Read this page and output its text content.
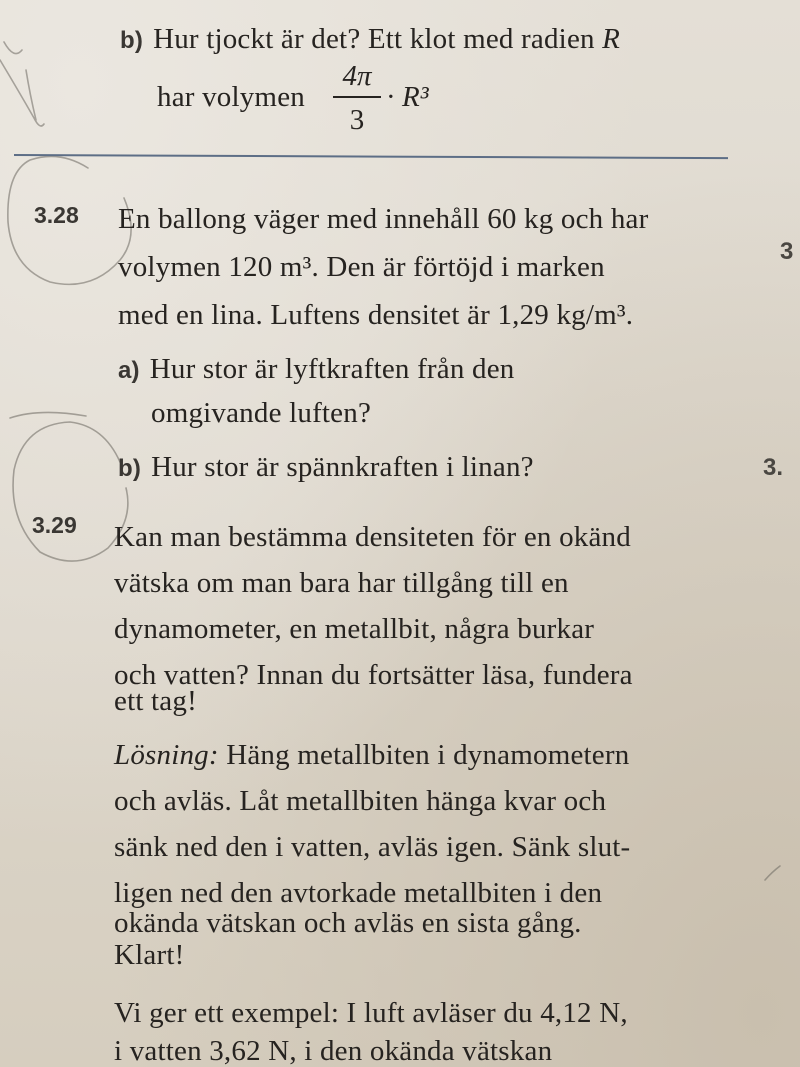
b) Hur tjockt är det? Ett klot med radien R
har volymen
4π
3
· R³
3.28 En ballong väger med innehåll 60 kg och har
volymen 120 m³. Den är förtöjd i marken
med en lina. Luftens densitet är 1,29 kg/m³.
a) Hur stor är lyftkraften från den
omgivande luften?
b) Hur stor är spännkraften i linan?
3.29 Kan man bestämma densiteten för en okänd
vätska om man bara har tillgång till en
dynamometer, en metallbit, några burkar
och vatten? Innan du fortsätter läsa, fundera
ett tag!
Lösning: Häng metallbiten i dynamometern
och avläs. Låt metallbiten hänga kvar och
sänk ned den i vatten, avläs igen. Sänk slut-
ligen ned den avtorkade metallbiten i den
okända vätskan och avläs en sista gång.
Klart!
Vi ger ett exempel: I luft avläser du 4,12 N,
i vatten 3,62 N, i den okända vätskan
3
3.
